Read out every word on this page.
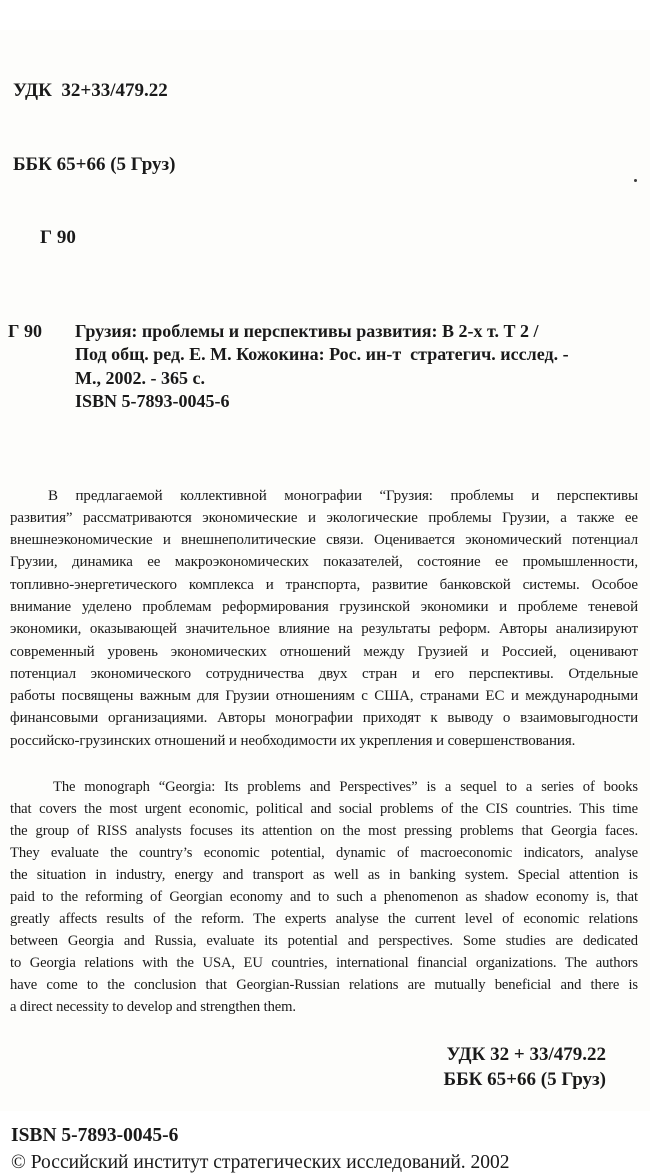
УДК  32+33/479.22

ББК 65+66 (5 Груз)

Г 90

Г 90 Грузия: проблемы и перспективы развития: В 2-х т. Т 2 /
Под общ. ред. Е. М. Кожокина: Рос. ин-т  стратегич. исслед. -
М., 2002. - 365 с.
ISBN 5-7893-0045-6
В предлагаемой коллективной монографии “Грузия: проблемы и перспективы
развития” рассматриваются экономические и экологические проблемы Грузии, а также ее
внешнеэкономические и внешнеполитические связи. Оценивается экономический потенциал
Грузии, динамика ее макроэкономических показателей, состояние ее промышленности,
топливно-энергетического комплекса и транспорта, развитие банковской системы. Особое
внимание уделено проблемам реформирования грузинской экономики и проблеме теневой
экономики, оказывающей значительное влияние на результаты реформ. Авторы анализируют
современный уровень экономических отношений между Грузией и Россией, оценивают
потенциал экономического сотрудничества двух стран и его перспективы. Отдельные
работы посвящены важным для Грузии отношениям с США, странами ЕС и международными
финансовыми организациями. Авторы монографии приходят к выводу о взаимовыгодности
российско-грузинских отношений и необходимости их укрепления и совершенствования.
The monograph “Georgia: Its problems and Perspectives” is a sequel to a series of books
that covers the most urgent economic, political and social problems of the CIS countries. This time
the group of RISS analysts focuses its attention on the most pressing problems that Georgia faces.
They evaluate the country’s economic potential, dynamic of macroeconomic indicators, analyse
the situation in industry, energy and transport as well as in banking system. Special attention is
paid to the reforming of Georgian economy and to such a phenomenon as shadow economy is, that
greatly affects results of the reform. The experts analyse the current level of economic relations
between Georgia and Russia, evaluate its potential and perspectives. Some studies are dedicated
to Georgia relations with the USA, EU countries, international financial organizations. The authors
have come to the conclusion that Georgian-Russian relations are mutually beneficial and there is
a direct necessity to develop and strengthen them.
УДК 32 + 33/479.22
ББК 65+66 (5 Груз)
ISBN 5-7893-0045-6
© Российский институт стратегических исследований. 2002
